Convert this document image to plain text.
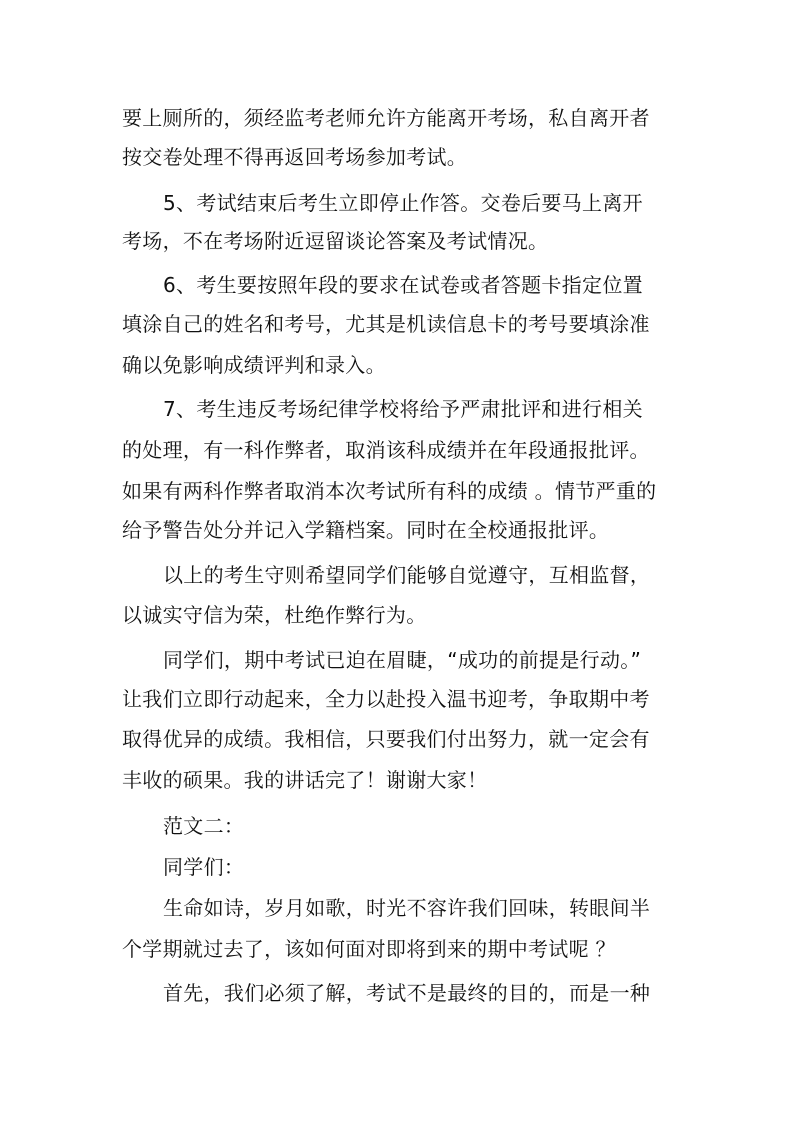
要上厕所的，须经监考老师允许方能离开考场，私自离开者
按交卷处理不得再返回考场参加考试。
5、考试结束后考生立即停止作答。交卷后要马上离开
考场，不在考场附近逗留谈论答案及考试情况。
6、考生要按照年段的要求在试卷或者答题卡指定位置
填涂自己的姓名和考号，尤其是机读信息卡的考号要填涂准
确以免影响成绩评判和录入。
7、考生违反考场纪律学校将给予严肃批评和进行相关
的处理，有一科作弊者，取消该科成绩并在年段通报批评。
如果有两科作弊者取消本次考试所有科的成绩 。情节严重的
给予警告处分并记入学籍档案。同时在全校通报批评。
以上的考生守则希望同学们能够自觉遵守，互相监督，
以诚实守信为荣，杜绝作弊行为。
同学们，期中考试已迫在眉睫，“成功的前提是行动。”
让我们立即行动起来，全力以赴投入温书迎考，争取期中考
取得优异的成绩。我相信，只要我们付出努力，就一定会有
丰收的硕果。我的讲话完了！谢谢大家！
范文二：
同学们：
生命如诗，岁月如歌，时光不容许我们回味，转眼间半
个学期就过去了，该如何面对即将到来的期中考试呢 ？
首先，我们必须了解，考试不是最终的目的，而是一种
